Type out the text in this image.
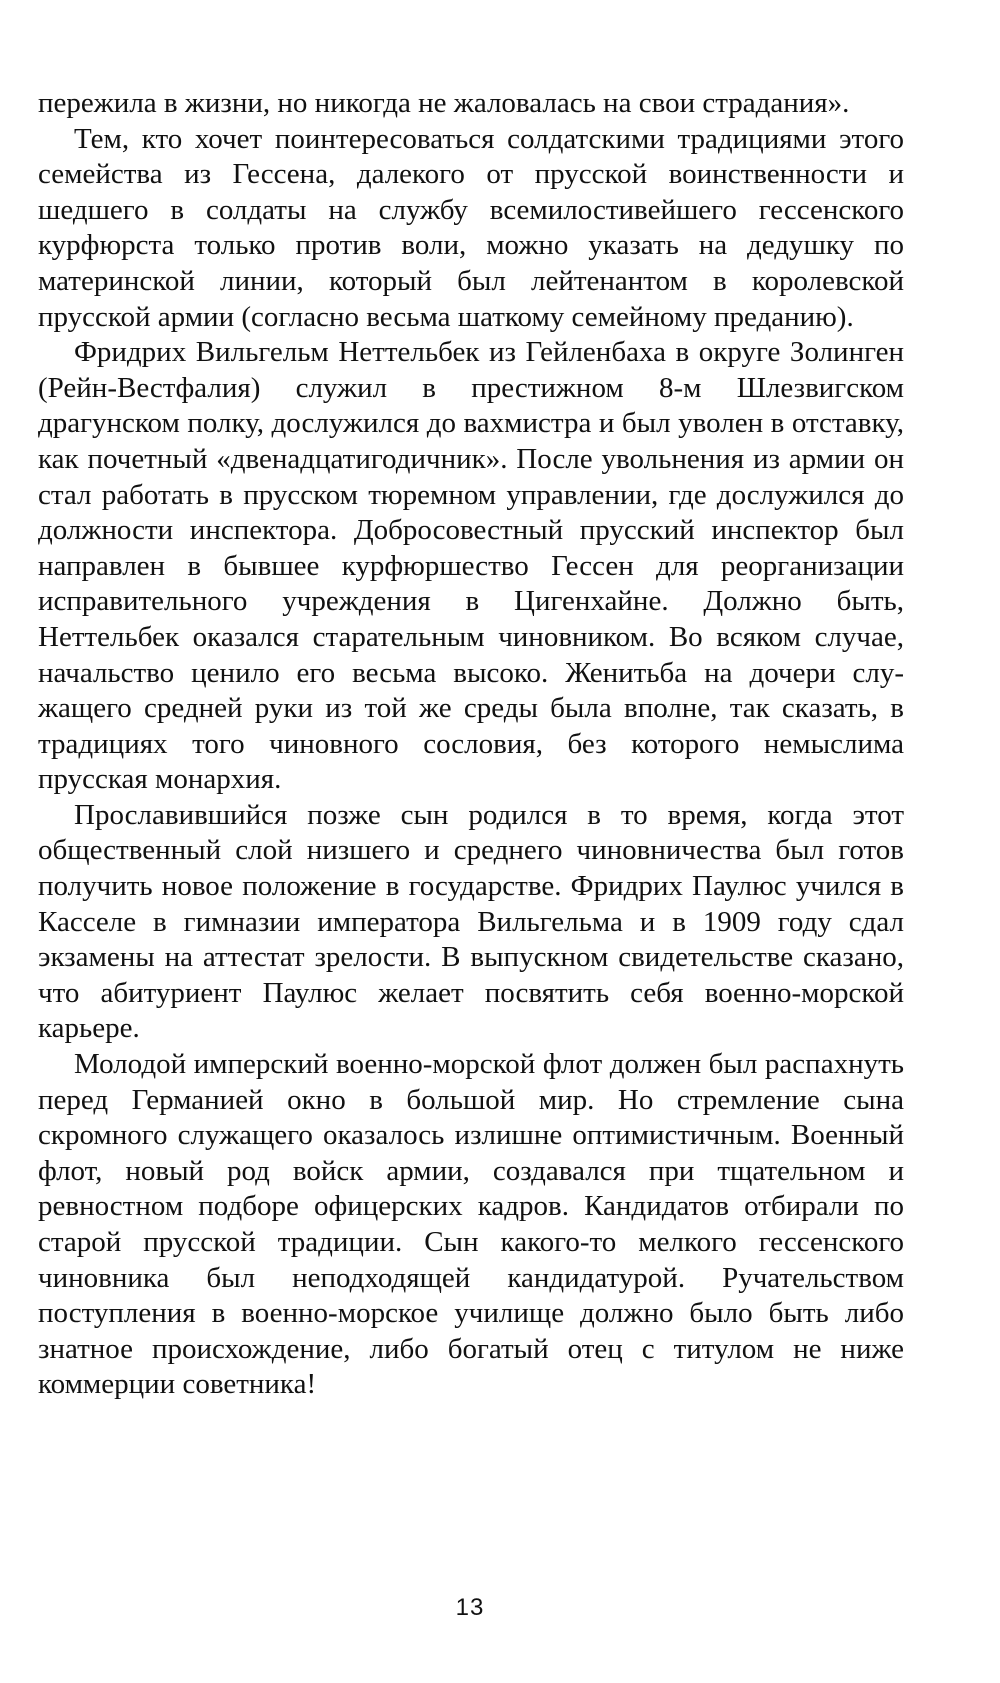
пережила в жизни, но никогда не жаловалась на свои страдания».

Тем, кто хочет поинтересоваться солдатскими традициями этого семейства из Гессена, далекого от прусской воинственности и шедшего в солдаты на службу всемилостивейшего гессенского курфюрста только против воли, можно указать на дедушку по материнской линии, который был лейтенантом в королевской прусской армии (согласно весьма шаткому семейному преданию).

Фридрих Вильгельм Неттельбек из Гейленбаха в округе Золинген (Рейн-Вестфалия) служил в престижном 8-м Шлезвигском драгунском полку, дослужился до вахмистра и был уволен в отставку, как почетный «двенадцатигодичник». После увольнения из армии он стал работать в прусском тюремном управлении, где дослужился до должности инспектора. Добросовестный прусский инспектор был направлен в бывшее курфюршество Гессен для реорганизации исправительного учреждения в Цигенхайне. Должно быть, Неттельбек оказался старательным чиновником. Во всяком случае, начальство ценило его весьма высоко. Женитьба на дочери служащего средней руки из той же среды была вполне, так сказать, в традициях того чиновного сословия, без которого немыслима прусская монархия.

Прославившийся позже сын родился в то время, когда этот общественный слой низшего и среднего чиновничества был готов получить новое положение в государстве. Фридрих Паулюс учился в Касселе в гимназии императора Вильгельма и в 1909 году сдал экзамены на аттестат зрелости. В выпускном свидетельстве сказано, что абитуриент Паулюс желает посвятить себя военно-морской карьере.

Молодой имперский военно-морской флот должен был распахнуть перед Германией окно в большой мир. Но стремление сына скромного служащего оказалось излишне оптимистичным. Военный флот, новый род войск армии, создавался при тщательном и ревностном подборе офицерских кадров. Кандидатов отбирали по старой прусской традиции. Сын какого-то мелкого гессенского чиновника был неподходящей кандидатурой. Ручательством поступления в военно-морское училище должно было быть либо знатное происхождение, либо богатый отец с титулом не ниже коммерции советника!

13
